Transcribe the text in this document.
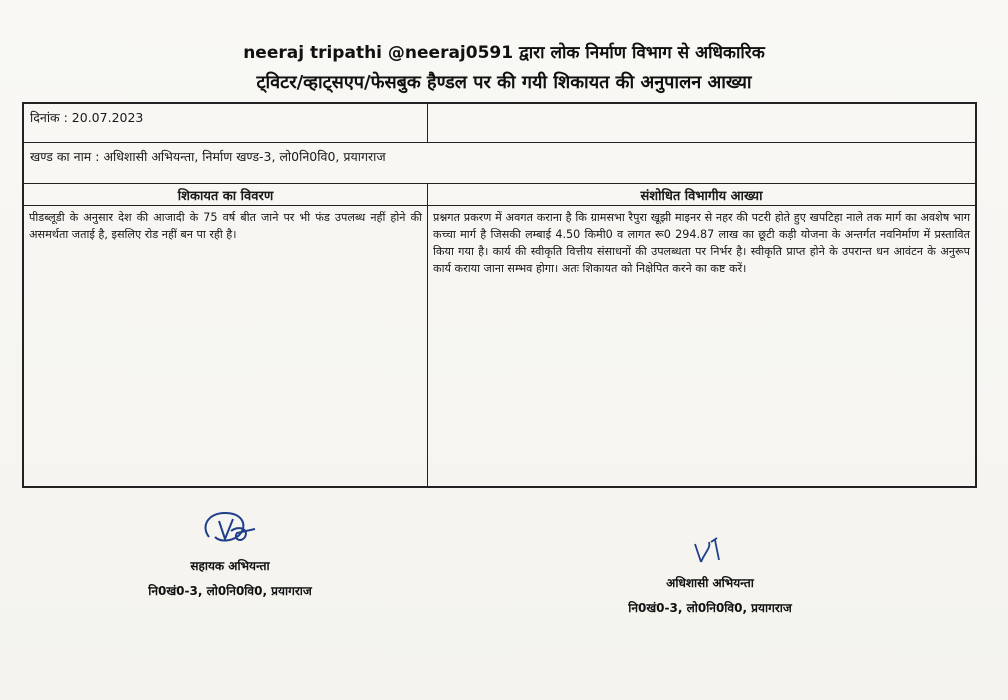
neeraj tripathi @neeraj0591 द्वारा लोक निर्माण विभाग से अधिकारिक
ट्विटर/व्हाट्सएप/फेसबुक हैण्डल पर की गयी शिकायत की अनुपालन आख्या
दिनांक : 20.07.2023
खण्ड का नाम : अधिशासी अभियन्ता, निर्माण खण्ड-3, लो0नि0वि0, प्रयागराज
शिकायत का विवरण	संशोधित विभागीय आख्या
पीडब्लूडी के अनुसार देश की आजादी के 75 वर्ष बीत जाने पर भी फंड उपलब्ध नहीं होने की असमर्थता जताई है, इसलिए रोड नहीं बन पा रही है।
प्रश्नगत प्रकरण में अवगत कराना है कि ग्रामसभा रैपुरा खूझी माइनर से नहर की पटरी होते हुए खपटिहा नाले तक मार्ग का अवशेष भाग कच्चा मार्ग है जिसकी लम्बाई 4.50 किमी0 व लागत रू0 294.87 लाख का छूटी कड़ी योजना के अन्तर्गत नवनिर्माण में प्रस्तावित किया गया है। कार्य की स्वीकृति वित्तीय संसाधनों की उपलब्धता पर निर्भर है। स्वीकृति प्राप्त होने के उपरान्त धन आवंटन के अनुरूप कार्य कराया जाना सम्भव होगा। अतः शिकायत को निक्षेपित करने का कष्ट करें।
सहायक अभियन्ता
नि0खं0-3, लो0नि0वि0, प्रयागराज
अधिशासी अभियन्ता
नि0खं0-3, लो0नि0वि0, प्रयागराज
